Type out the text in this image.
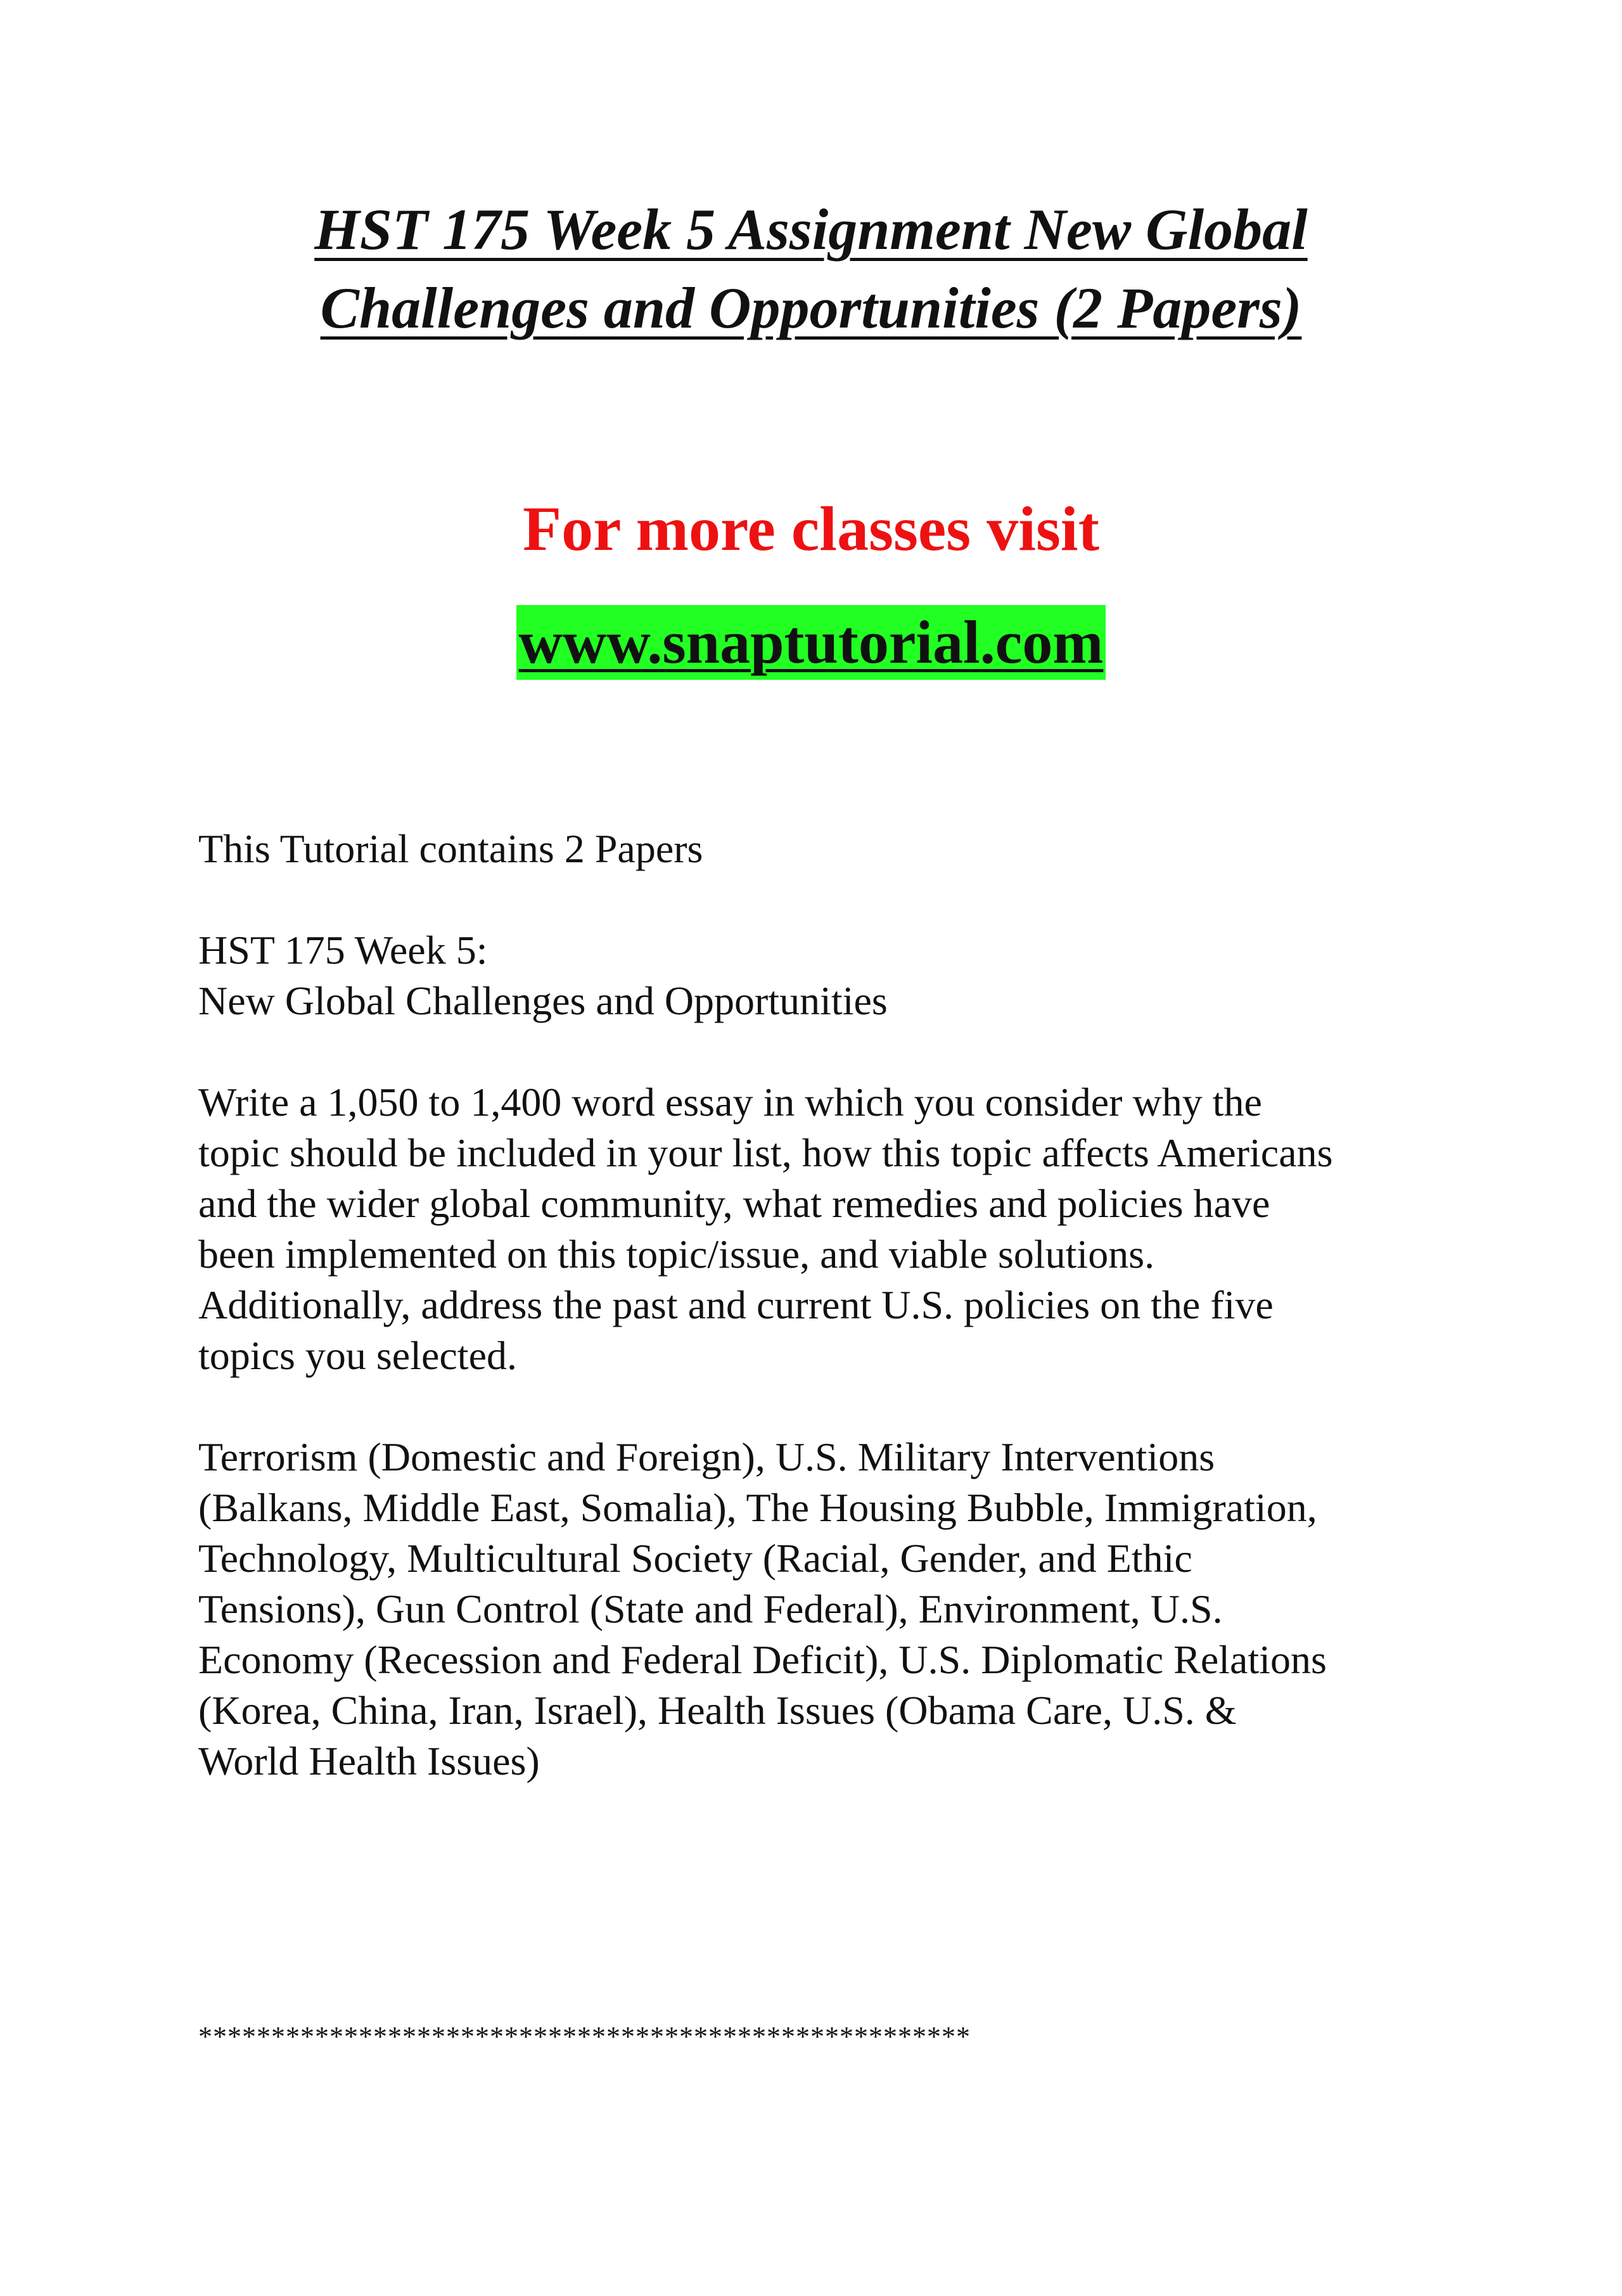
HST 175 Week 5 Assignment New Global
Challenges and Opportunities (2 Papers)
For more classes visit
www.snaptutorial.com

This Tutorial contains 2 Papers

HST 175 Week 5:
New Global Challenges and Opportunities

Write a 1,050 to 1,400 word essay in which you consider why the
topic should be included in your list, how this topic affects Americans
and the wider global community, what remedies and policies have
been implemented on this topic/issue, and viable solutions.
Additionally, address the past and current U.S. policies on the five
topics you selected.

Terrorism (Domestic and Foreign), U.S. Military Interventions
(Balkans, Middle East, Somalia), The Housing Bubble, Immigration,
Technology, Multicultural Society (Racial, Gender, and Ethic
Tensions), Gun Control (State and Federal), Environment, U.S.
Economy (Recession and Federal Deficit), U.S. Diplomatic Relations
(Korea, China, Iran, Israel), Health Issues (Obama Care, U.S. &
World Health Issues)

*****************************************************
